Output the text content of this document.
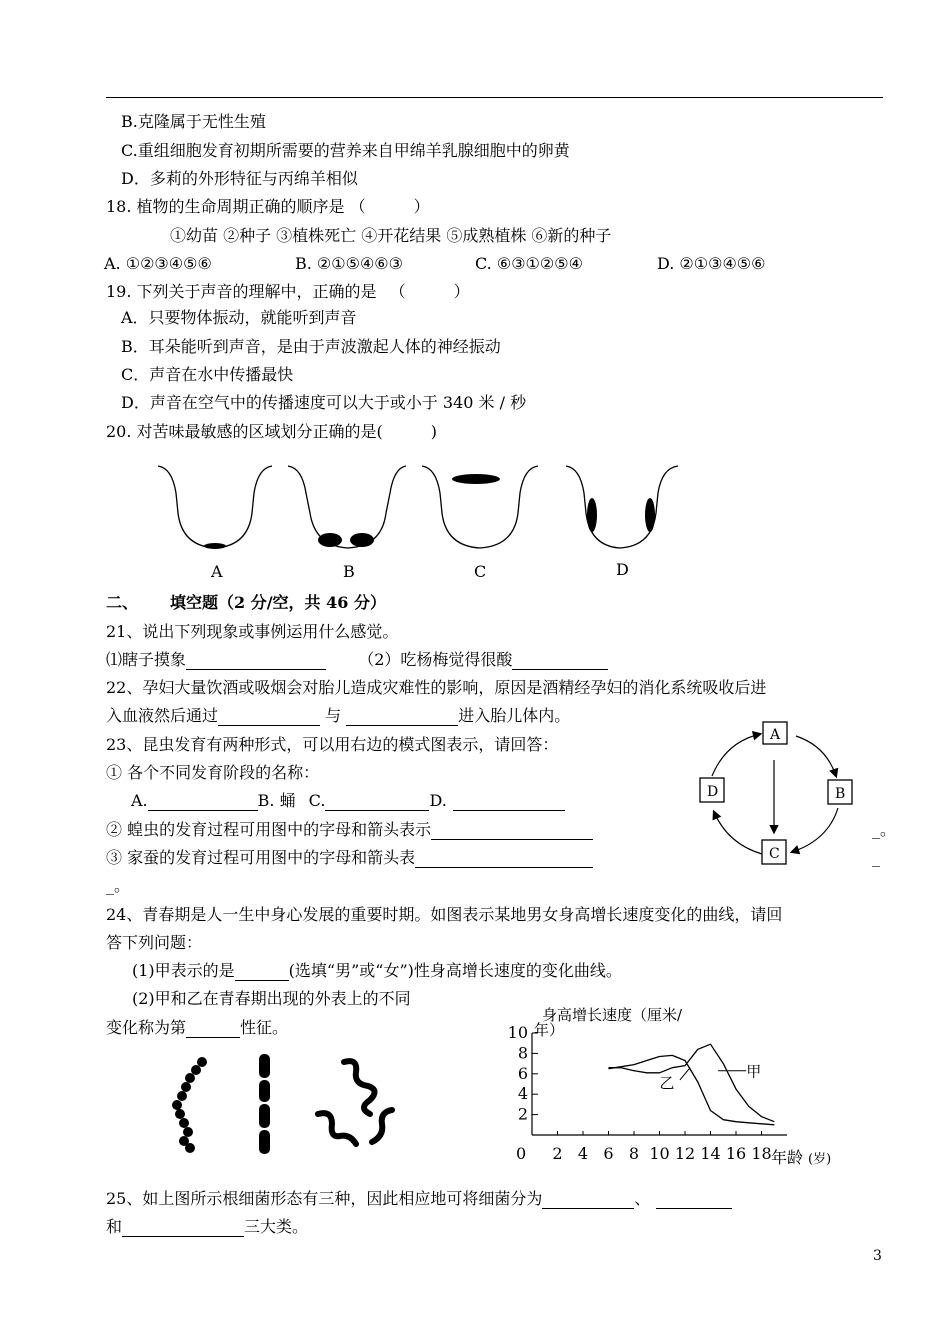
B.克隆属于无性生殖
C.重组细胞发育初期所需要的营养来自甲绵羊乳腺细胞中的卵黄
D．多莉的外形特征与丙绵羊相似
18. 植物的生命周期正确的顺序是 （　　　）
①幼苗 ②种子 ③植株死亡 ④开花结果 ⑤成熟植株 ⑥新的种子
A. ①②③④⑤⑥	B. ②①⑤④⑥③	C. ⑥③①②⑤④	D. ②①③④⑤⑥
19. 下列关于声音的理解中，正确的是 　（　　　）
A．只要物体振动，就能听到声音
B．耳朵能听到声音，是由于声波激起人体的神经振动
C．声音在水中传播最快
D．声音在空气中的传播速度可以大于或小于 340 米 / 秒
20. 对苦味最敏感的区域划分正确的是(　　　)
A	B	C	D
二、 填空题（2 分/空，共 46 分）
21、说出下列现象或事例运用什么感觉。
⑴瞎子摸象	（2）吃杨梅觉得很酸
22、孕妇大量饮酒或吸烟会对胎儿造成灾难性的影响，原因是酒精经孕妇的消化系统吸收后进
入血液然后通过	与	进入胎儿体内。
23、昆虫发育有两种形式，可以用右边的模式图表示，请回答：
① 各个不同发育阶段的名称：
A.	B. 蛹 C.	D.
② 蝗虫的发育过程可用图中的字母和箭头表示	_。
③ 家蚕的发育过程可用图中的字母和箭头表	_
_。
A
B
C
D
24、青春期是人一生中身心发展的重要时期。如图表示某地男女身高增长速度变化的曲线，请回
答下列问题：
(1)甲表示的是	(选填“男”或“女”)性身高增长速度的变化曲线。
(2)甲和乙在青春期出现的外表上的不同
变化称为第	性征。
身高增长速度（厘米/
年）
2
4
6
8
10
2 4 6 8 10 12 14 16 18
甲
乙
0	年龄 (岁)
25、如上图所示根细菌形态有三种，因此相应地可将细菌分为	、
和	三大类。
3
